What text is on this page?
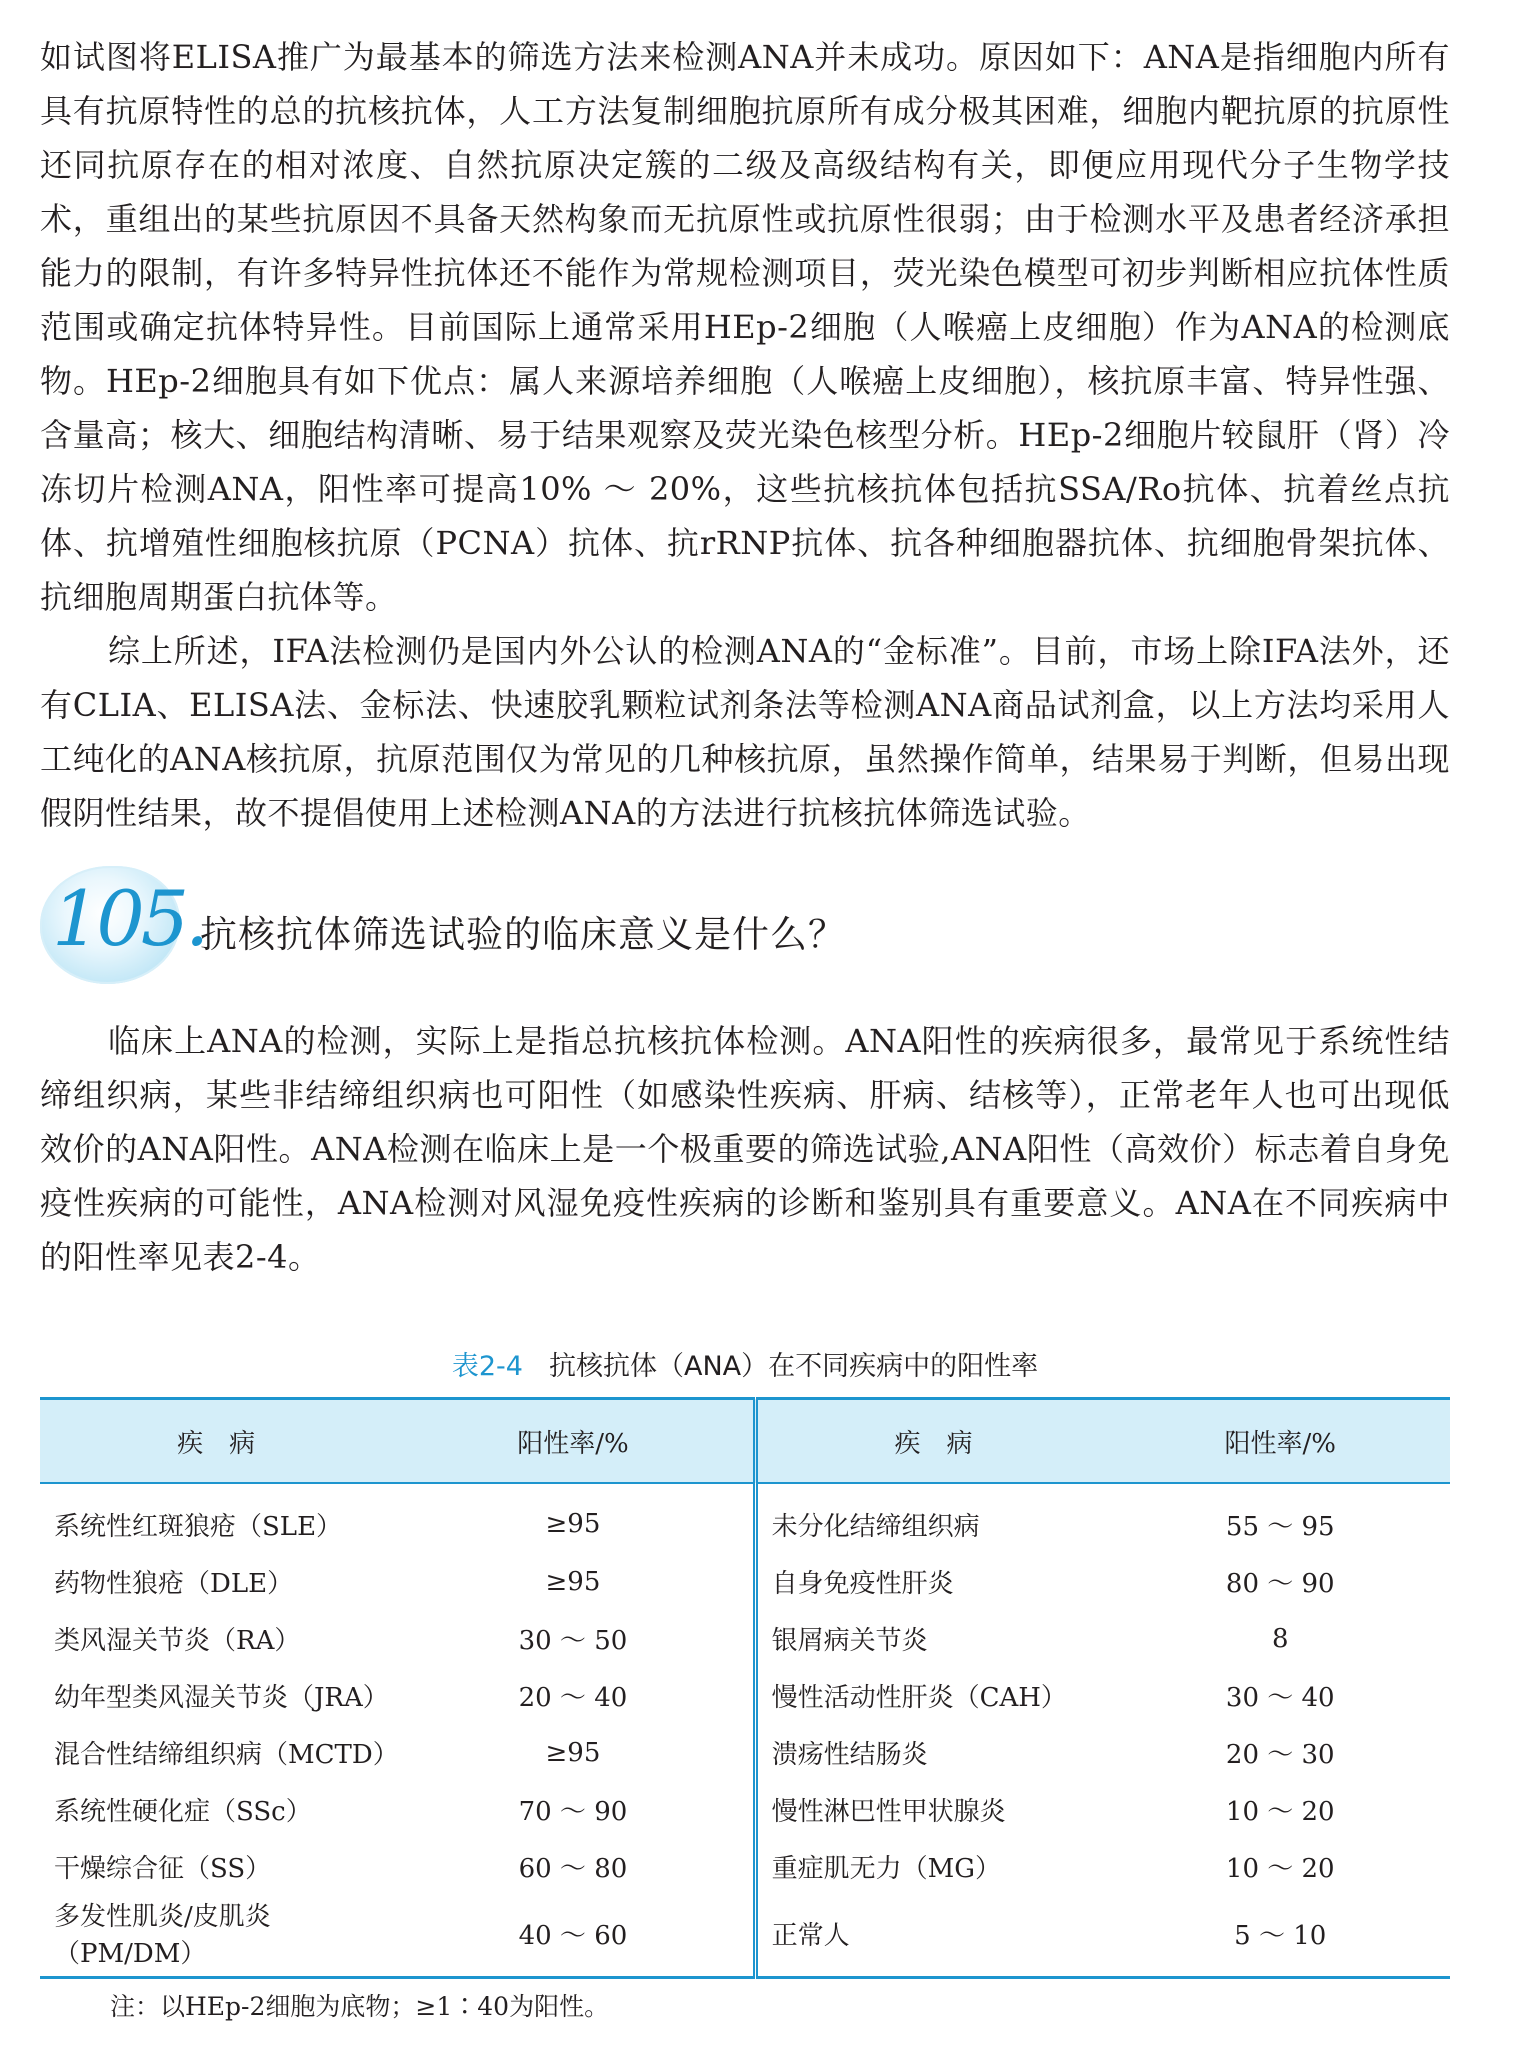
如试图将ELISA推广为最基本的筛选方法来检测ANA并未成功。原因如下：ANA是指细胞内所有具有抗原特性的总的抗核抗体，人工方法复制细胞抗原所有成分极其困难，细胞内靶抗原的抗原性还同抗原存在的相对浓度、自然抗原决定簇的二级及高级结构有关，即便应用现代分子生物学技术，重组出的某些抗原因不具备天然构象而无抗原性或抗原性很弱；由于检测水平及患者经济承担能力的限制，有许多特异性抗体还不能作为常规检测项目，荧光染色模型可初步判断相应抗体性质范围或确定抗体特异性。目前国际上通常采用HEp-2细胞（人喉癌上皮细胞）作为ANA的检测底物。HEp-2细胞具有如下优点：属人来源培养细胞（人喉癌上皮细胞），核抗原丰富、特异性强、含量高；核大、细胞结构清晰、易于结果观察及荧光染色核型分析。HEp-2细胞片较鼠肝（肾）冷冻切片检测ANA，阳性率可提高10% ～ 20%，这些抗核抗体包括抗SSA/Ro抗体、抗着丝点抗体、抗增殖性细胞核抗原（PCNA）抗体、抗rRNP抗体、抗各种细胞器抗体、抗细胞骨架抗体、抗细胞周期蛋白抗体等。

综上所述，IFA法检测仍是国内外公认的检测ANA的“金标准”。目前，市场上除IFA法外，还有CLIA、ELISA法、金标法、快速胶乳颗粒试剂条法等检测ANA商品试剂盒，以上方法均采用人工纯化的ANA核抗原，抗原范围仅为常见的几种核抗原，虽然操作简单，结果易于判断，但易出现假阴性结果，故不提倡使用上述检测ANA的方法进行抗核抗体筛选试验。

105.
抗核抗体筛选试验的临床意义是什么？

临床上ANA的检测，实际上是指总抗核抗体检测。ANA阳性的疾病很多，最常见于系统性结缔组织病，某些非结缔组织病也可阳性（如感染性疾病、肝病、结核等），正常老年人也可出现低效价的ANA阳性。ANA检测在临床上是一个极重要的筛选试验,ANA阳性（高效价）标志着自身免疫性疾病的可能性，ANA检测对风湿免疫性疾病的诊断和鉴别具有重要意义。ANA在不同疾病中的阳性率见表2-4。

表2-4 抗核抗体（ANA）在不同疾病中的阳性率
疾　病	阳性率/%	疾　病	阳性率/%
系统性红斑狼疮（SLE）	≥95	未分化结缔组织病	55 ～ 95
药物性狼疮（DLE）	≥95	自身免疫性肝炎	80 ～ 90
类风湿关节炎（RA）	30 ～ 50	银屑病关节炎	8
幼年型类风湿关节炎（JRA）	20 ～ 40	慢性活动性肝炎（CAH）	30 ～ 40
混合性结缔组织病（MCTD）	≥95	溃疡性结肠炎	20 ～ 30
系统性硬化症（SSc）	70 ～ 90	慢性淋巴性甲状腺炎	10 ～ 20
干燥综合征（SS）	60 ～ 80	重症肌无力（MG）	10 ～ 20
多发性肌炎/皮肌炎（PM/DM）	40 ～ 60	正常人	5 ～ 10

注：以HEp-2细胞为底物；≥1∶40为阳性。
